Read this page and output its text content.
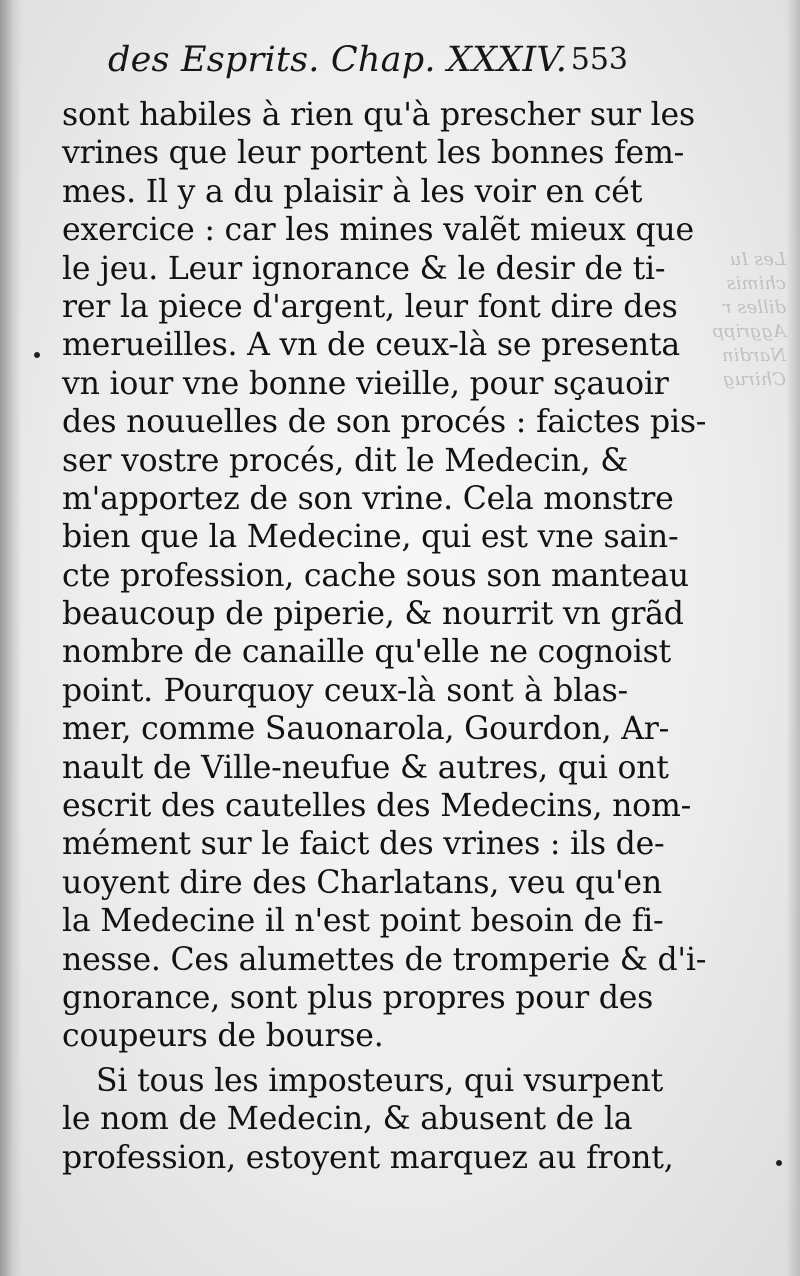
des Esprits. Chap. XXXIV. 553
Les Iu
chimis
dilles r
Aggripp
Nardin
Chirug
sont habiles à rien qu'à prescher sur les
vrines que leur portent les bonnes fem-
mes. Il y a du plaisir à les voir en cét
exercice : car les mines valẽt mieux que
le jeu. Leur ignorance & le desir de ti-
rer la piece d'argent, leur font dire des
merueilles. A vn de ceux-là se presenta
vn iour vne bonne vieille, pour sçauoir
des nouuelles de son procés : faictes pis-
ser vostre procés, dit le Medecin, &
m'apportez de son vrine. Cela monstre
bien que la Medecine, qui est vne sain-
cte profession, cache sous son manteau
beaucoup de piperie, & nourrit vn grãd
nombre de canaille qu'elle ne cognoist
point. Pourquoy ceux-là sont à blas-
mer, comme Sauonarola, Gourdon, Ar-
nault de Ville-neufue & autres, qui ont
escrit des cautelles des Medecins, nom-
mément sur le faict des vrines : ils de-
uoyent dire des Charlatans, veu qu'en
la Medecine il n'est point besoin de fi-
nesse. Ces alumettes de tromperie & d'i-
gnorance, sont plus propres pour des
coupeurs de bourse.
Si tous les imposteurs, qui vsurpent
le nom de Medecin, & abusent de la
profession, estoyent marquez au front,
